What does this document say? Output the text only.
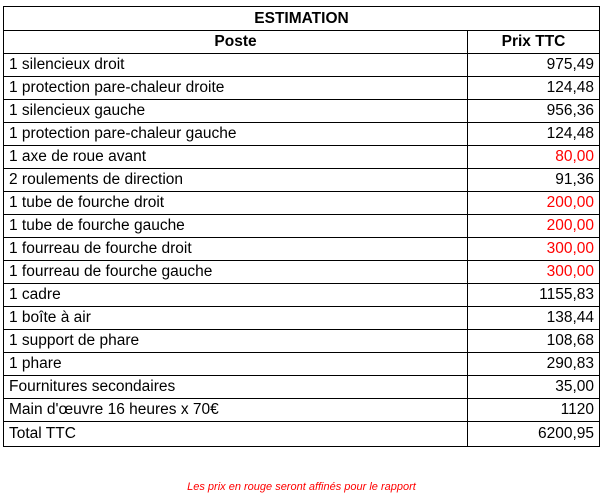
ESTIMATION	
Poste	Prix TTC
1 silencieux droit	975,49
1 protection pare-chaleur droite	124,48
1 silencieux gauche	956,36
1 protection pare-chaleur gauche	124,48
1 axe de roue avant	80,00
2 roulements de direction	91,36
1 tube de fourche droit	200,00
1 tube de fourche gauche	200,00
1 fourreau de fourche droit	300,00
1 fourreau de fourche gauche	300,00
1 cadre	1155,83
1 boîte à air	138,44
1 support de phare	108,68
1 phare	290,83
Fournitures secondaires	35,00
Main d'œuvre 16 heures x 70€	1120
Total TTC	6200,95
Les prix en rouge seront affinés pour le rapport
